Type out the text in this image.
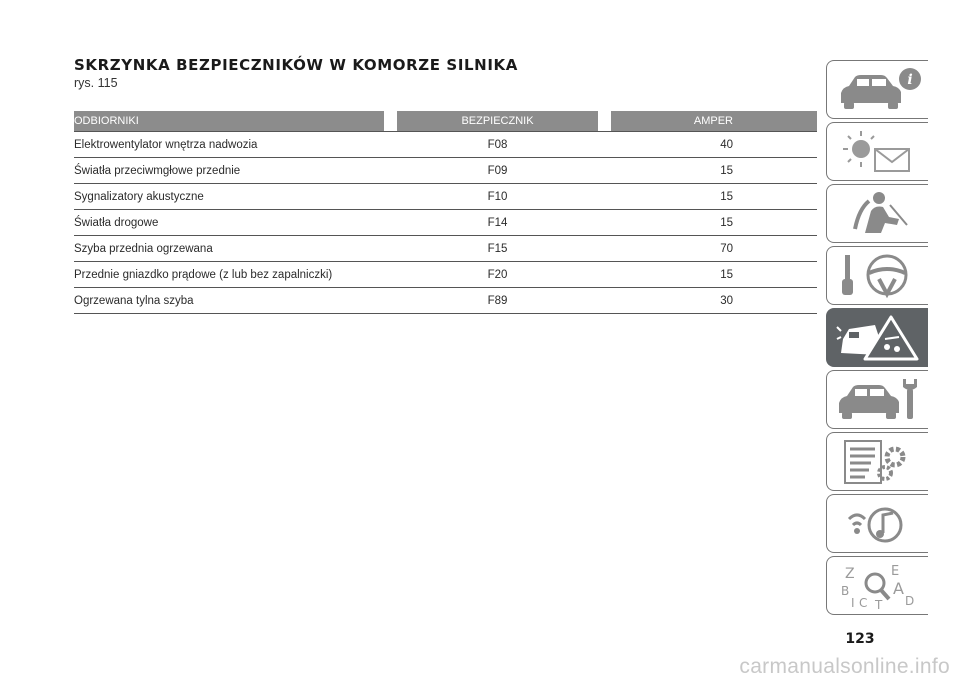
SKRZYNKA BEZPIECZNIKÓW W KOMORZE SILNIKA
rys. 115
ODBIORNIKI	BEZPIECZNIK	AMPER
Elektrowentylator wnętrza nadwozia	F08	40
Światła przeciwmgłowe przednie	F09	15
Sygnalizatory akustyczne	F10	15
Światła drogowe	F14	15
Szyba przednia ogrzewana	F15	70
Przednie gniazdko prądowe (z lub bez zapalniczki)	F20	15
Ogrzewana tylna szyba	F89	30
i
Z	E
B	A
C	D
T
I
123
carmanualsonline.info
